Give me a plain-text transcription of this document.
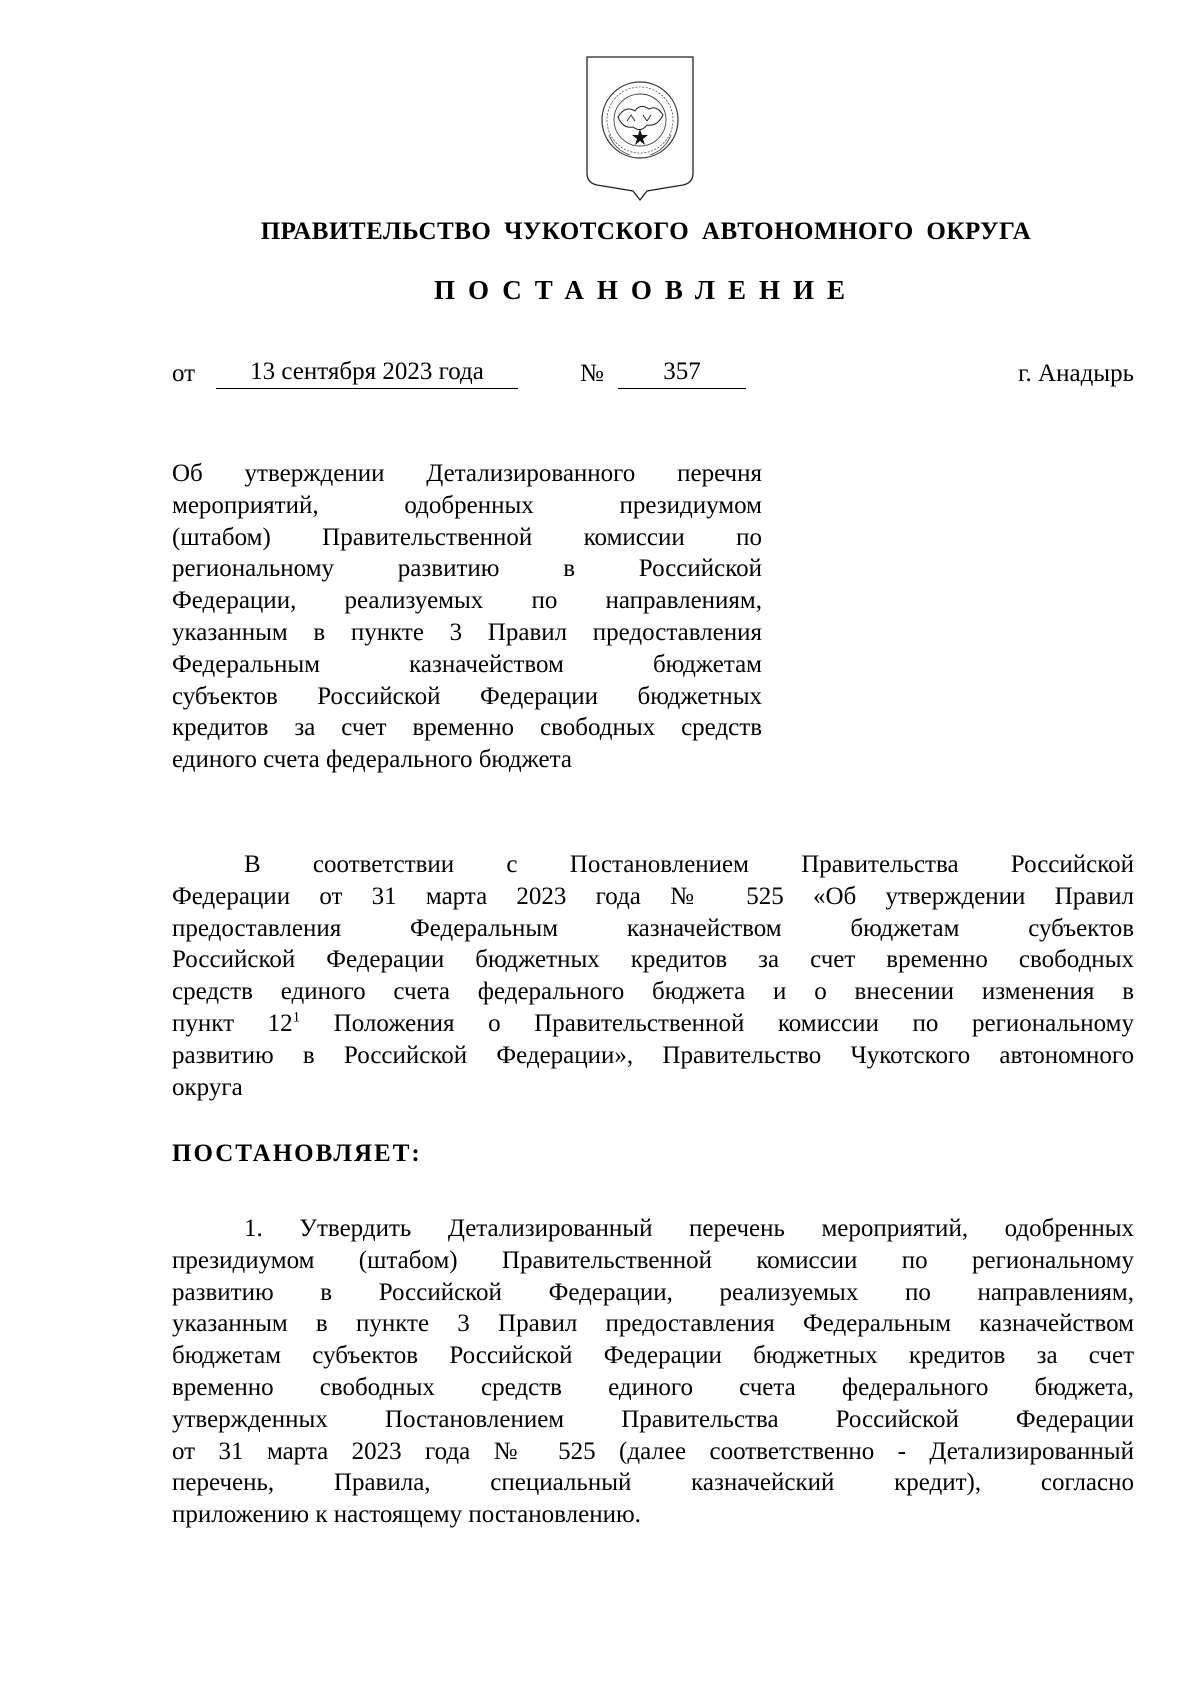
ПРАВИТЕЛЬСТВО ЧУКОТСКОГО АВТОНОМНОГО ОКРУГА
ПОСТАНОВЛЕНИЕ
от	13 сентября 2023 года	№	357	г. Анадырь
Об утверждении Детализированного перечня
мероприятий, одобренных президиумом
(штабом) Правительственной комиссии по
региональному развитию в Российской
Федерации, реализуемых по направлениям,
указанным в пункте 3 Правил предоставления
Федеральным казначейством бюджетам
субъектов Российской Федерации бюджетных
кредитов за счет временно свободных средств
единого счета федерального бюджета
В соответствии с Постановлением Правительства Российской
Федерации от 31 марта 2023 года № 525 «Об утверждении Правил
предоставления Федеральным казначейством бюджетам субъектов
Российской Федерации бюджетных кредитов за счет временно свободных
средств единого счета федерального бюджета и о внесении изменения в
пункт $12^1$ Положения о Правительственной комиссии по региональному
развитию в Российской Федерации», Правительство Чукотского автономного
округа
ПОСТАНОВЛЯЕТ:
1. Утвердить Детализированный перечень мероприятий, одобренных
президиумом (штабом) Правительственной комиссии по региональному
развитию в Российской Федерации, реализуемых по направлениям,
указанным в пункте 3 Правил предоставления Федеральным казначейством
бюджетам субъектов Российской Федерации бюджетных кредитов за счет
временно свободных средств единого счета федерального бюджета,
утвержденных Постановлением Правительства Российской Федерации
от 31 марта 2023 года № 525 (далее соответственно - Детализированный
перечень, Правила, специальный казначейский кредит), согласно
приложению к настоящему постановлению.
